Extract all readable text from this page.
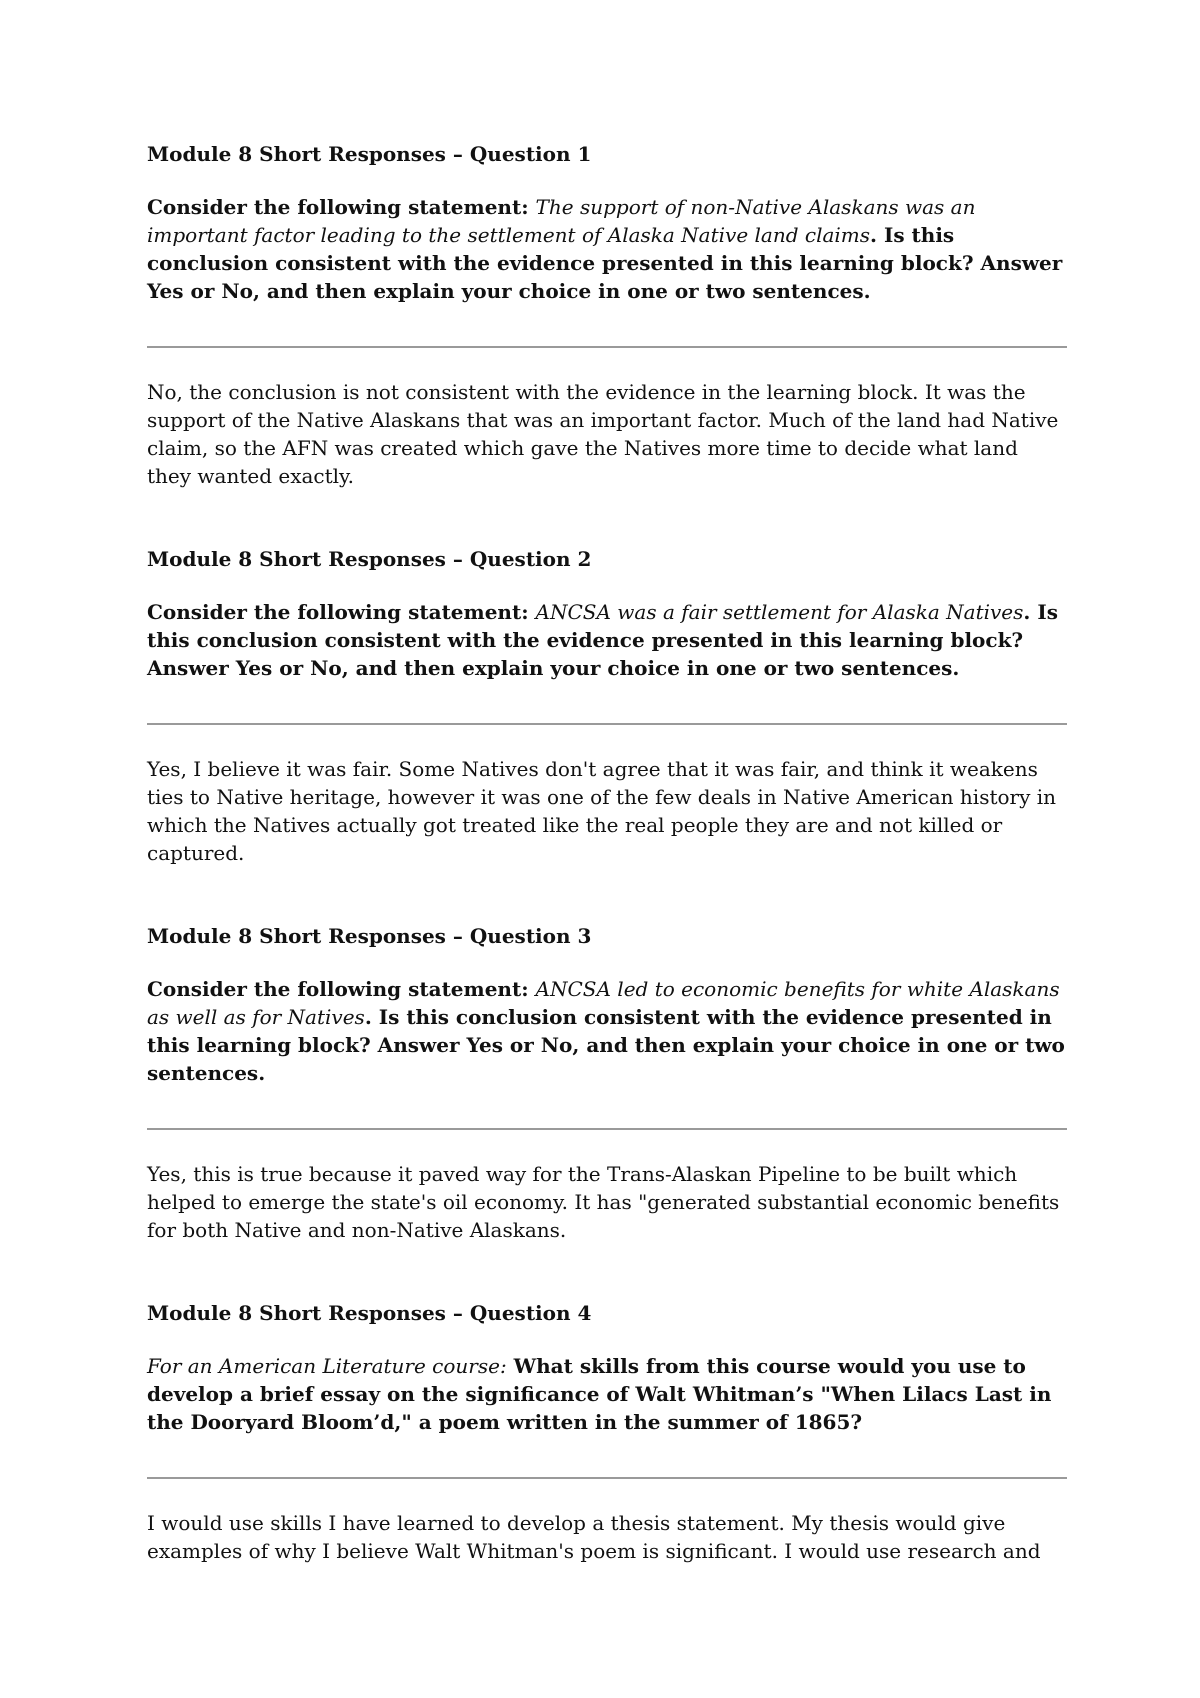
Module 8 Short Responses – Question 1

Consider the following statement: The support of non-Native Alaskans was an important factor leading to the settlement of Alaska Native land claims. Is this conclusion consistent with the evidence presented in this learning block? Answer Yes or No, and then explain your choice in one or two sentences.

No, the conclusion is not consistent with the evidence in the learning block. It was the support of the Native Alaskans that was an important factor. Much of the land had Native claim, so the AFN was created which gave the Natives more time to decide what land they wanted exactly.

Module 8 Short Responses – Question 2

Consider the following statement: ANCSA was a fair settlement for Alaska Natives. Is this conclusion consistent with the evidence presented in this learning block? Answer Yes or No, and then explain your choice in one or two sentences.

Yes, I believe it was fair. Some Natives don't agree that it was fair, and think it weakens ties to Native heritage, however it was one of the few deals in Native American history in which the Natives actually got treated like the real people they are and not killed or captured.

Module 8 Short Responses – Question 3

Consider the following statement: ANCSA led to economic benefits for white Alaskans as well as for Natives. Is this conclusion consistent with the evidence presented in this learning block? Answer Yes or No, and then explain your choice in one or two sentences.

Yes, this is true because it paved way for the Trans-Alaskan Pipeline to be built which helped to emerge the state's oil economy. It has "generated substantial economic benefits for both Native and non-Native Alaskans.

Module 8 Short Responses – Question 4

For an American Literature course: What skills from this course would you use to develop a brief essay on the significance of Walt Whitman’s "When Lilacs Last in the Dooryard Bloom’d," a poem written in the summer of 1865?

I would use skills I have learned to develop a thesis statement. My thesis would give examples of why I believe Walt Whitman's poem is significant. I would use research and
